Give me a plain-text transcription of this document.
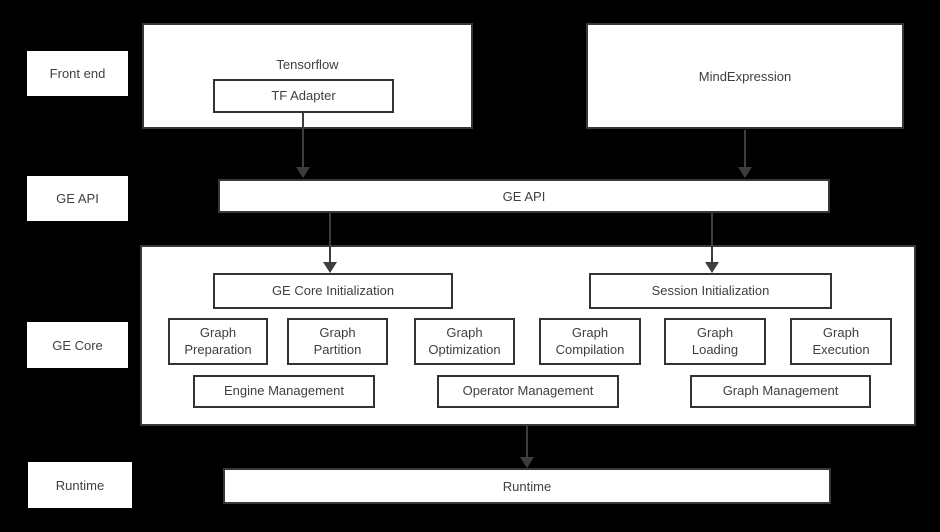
Front end
GE API
GE Core
Runtime
Tensorflow
TF Adapter
MindExpression
GE API
GE Core Initialization	Session Initialization
Graph Preparation
Graph Partition
Graph Optimization
Graph Compilation
Graph Loading
Graph Execution
Engine Management	Operator Management	Graph Management
Runtime
